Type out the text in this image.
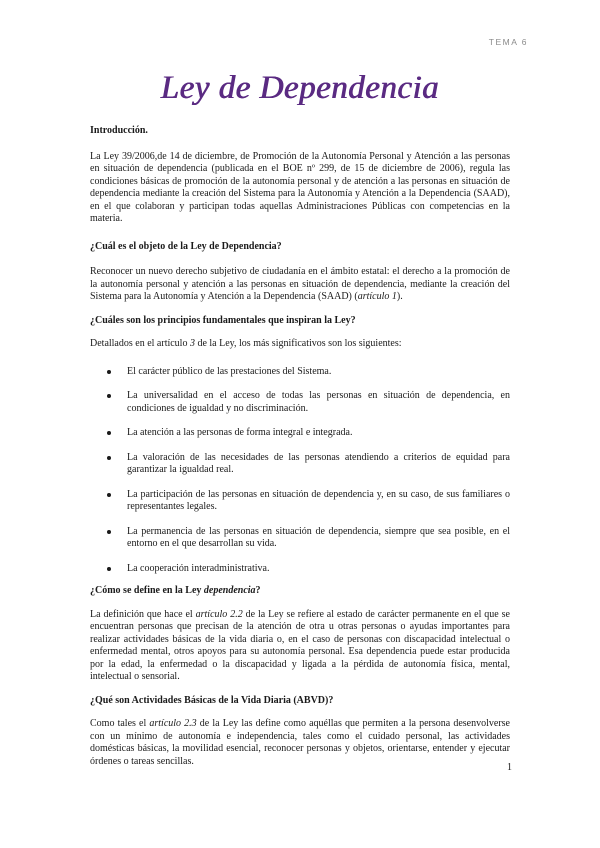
TEMA 6
Ley de Dependencia

Introducción.

La Ley 39/2006,de 14 de diciembre, de Promoción de la Autonomía Personal y Atención a las personas en situación de dependencia (publicada en el BOE nº 299, de 15 de diciembre de 2006), regula las condiciones básicas de promoción de la autonomía personal y de atención a las personas en situación de dependencia mediante la creación del Sistema para la Autonomía y Atención a la Dependencia (SAAD), en el que colaboran y participan todas aquellas Administraciones Públicas con competencias en la materia.

¿Cuál es el objeto de la Ley de Dependencia?

Reconocer un nuevo derecho subjetivo de ciudadanía en el ámbito estatal: el derecho a la promoción de la autonomía personal y atención a las personas en situación de dependencia, mediante la creación del Sistema para la Autonomía y Atención a la Dependencia (SAAD) (artículo 1).

¿Cuáles son los principios fundamentales que inspiran la Ley?

Detallados en el artículo 3 de la Ley, los más significativos son los siguientes:

El carácter público de las prestaciones del Sistema.
La universalidad en el acceso de todas las personas en situación de dependencia, en condiciones de igualdad y no discriminación.
La atención a las personas de forma integral e integrada.
La valoración de las necesidades de las personas atendiendo a criterios de equidad para garantizar la igualdad real.
La participación de las personas en situación de dependencia y, en su caso, de sus familiares o representantes legales.
La permanencia de las personas en situación de dependencia, siempre que sea posible, en el entorno en el que desarrollan su vida.
La cooperación interadministrativa.

¿Cómo se define en la Ley dependencia?

La definición que hace el artículo 2.2 de la Ley se refiere al estado de carácter permanente en el que se encuentran personas que precisan de la atención de otra u otras personas o ayudas importantes para realizar actividades básicas de la vida diaria o, en el caso de personas con discapacidad intelectual o enfermedad mental, otros apoyos para su autonomía personal. Esa dependencia puede estar producida por la edad, la enfermedad o la discapacidad y ligada a la pérdida de autonomía física, mental, intelectual o sensorial.

¿Qué son Actividades Básicas de la Vida Diaria (ABVD)?

Como tales el artículo 2.3 de la Ley las define como aquéllas que permiten a la persona desenvolverse con un mínimo de autonomía e independencia, tales como el cuidado personal, las actividades domésticas básicas, la movilidad esencial, reconocer personas y objetos, orientarse, entender y ejecutar órdenes o tareas sencillas.

1
